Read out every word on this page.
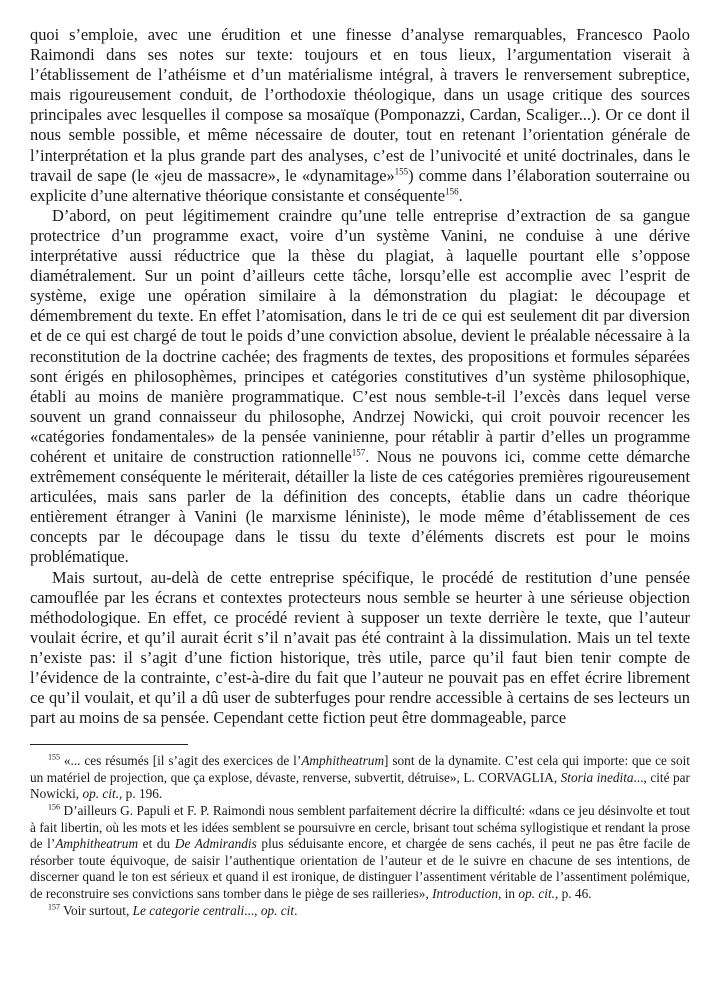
quoi s’emploie, avec une érudition et une finesse d’analyse remarquables, Francesco Paolo Raimondi dans ses notes sur texte: toujours et en tous lieux, l’argumentation viserait à l’établissement de l’athéisme et d’un matérialisme intégral, à travers le renversement subreptice, mais rigoureusement conduit, de l’orthodoxie théologique, dans un usage critique des sources principales avec lesquelles il compose sa mosaïque (Pomponazzi, Cardan, Scaliger...). Or ce dont il nous semble possible, et même nécessaire de douter, tout en retenant l’orientation générale de l’interprétation et la plus grande part des analyses, c’est de l’univocité et unité doctrinales, dans le travail de sape (le «jeu de massacre», le «dynamitage»$^{155}$) comme dans l’élaboration souterraine ou explicite d’une alternative théorique consistante et conséquente$^{156}$.

D’abord, on peut légitimement craindre qu’une telle entreprise d’extraction de sa gangue protectrice d’un programme exact, voire d’un système Vanini, ne conduise à une dérive interprétative aussi réductrice que la thèse du plagiat, à laquelle pourtant elle s’oppose diamétralement. Sur un point d’ailleurs cette tâche, lorsqu’elle est accomplie avec l’esprit de système, exige une opération similaire à la démonstration du plagiat: le découpage et démembrement du texte. En effet l’atomisation, dans le tri de ce qui est seulement dit par diversion et de ce qui est chargé de tout le poids d’une conviction absolue, devient le préalable nécessaire à la reconstitution de la doctrine cachée; des fragments de textes, des propositions et formules séparées sont érigés en philosophèmes, principes et catégories constitutives d’un système philosophique, établi au moins de manière programmatique. C’est nous semble-t-il l’excès dans lequel verse souvent un grand connaisseur du philosophe, Andrzej Nowicki, qui croit pouvoir recencer les «catégories fondamentales» de la pensée vaninienne, pour rétablir à partir d’elles un programme cohérent et unitaire de construction rationnelle$^{157}$. Nous ne pouvons ici, comme cette démarche extrêmement conséquente le mériterait, détailler la liste de ces catégories premières rigoureusement articulées, mais sans parler de la définition des concepts, établie dans un cadre théorique entièrement étranger à Vanini (le marxisme léniniste), le mode même d’établissement de ces concepts par le découpage dans le tissu du texte d’éléments discrets est pour le moins problématique.

Mais surtout, au-delà de cette entreprise spécifique, le procédé de restitution d’une pensée camouflée par les écrans et contextes protecteurs nous semble se heurter à une sérieuse objection méthodologique. En effet, ce procédé revient à supposer un texte derrière le texte, que l’auteur voulait écrire, et qu’il aurait écrit s’il n’avait pas été contraint à la dissimulation. Mais un tel texte n’existe pas: il s’agit d’une fiction historique, très utile, parce qu’il faut bien tenir compte de l’évidence de la contrainte, c’est-à-dire du fait que l’auteur ne pouvait pas en effet écrire librement ce qu’il voulait, et qu’il a dû user de subterfuges pour rendre accessible à certains de ses lecteurs un part au moins de sa pensée. Cependant cette fiction peut être dommageable, parce

$^{155}$ «... ces résumés [il s’agit des exercices de l’Amphitheatrum] sont de la dynamite. C’est cela qui importe: que ce soit un matériel de projection, que ça explose, dévaste, renverse, subvertit, détruise», L. CORVAGLIA, Storia inedita..., cité par Nowicki, op. cit., p. 196.

$^{156}$ D’ailleurs G. Papuli et F. P. Raimondi nous semblent parfaitement décrire la difficulté: «dans ce jeu désinvolte et tout à fait libertin, où les mots et les idées semblent se poursuivre en cercle, brisant tout schéma syllogistique et rendant la prose de l’Amphitheatrum et du De Admirandis plus séduisante encore, et chargée de sens cachés, il peut ne pas être facile de résorber toute équivoque, de saisir l’authentique orientation de l’auteur et de le suivre en chacune de ses intentions, de discerner quand le ton est sérieux et quand il est ironique, de distinguer l’assentiment véritable de l’assentiment polémique, de reconstruire ses convictions sans tomber dans le piège de ses railleries», Introduction, in op. cit., p. 46.

$^{157}$ Voir surtout, Le categorie centrali..., op. cit.
